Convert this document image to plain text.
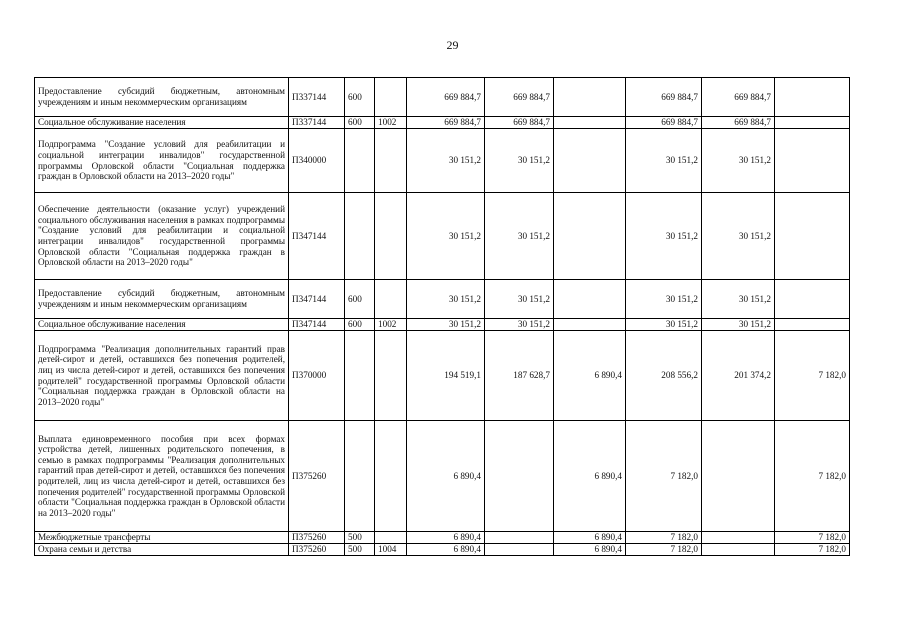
29
Предоставление субсидий бюджетным, автономным учреждениям и иным некоммерческим организациям	П337144	600		669 884,7	669 884,7		669 884,7	669 884,7	
Социальное обслуживание населения	П337144	600	1002	669 884,7	669 884,7		669 884,7	669 884,7	
Подпрограмма "Создание условий для реабилитации и социальной интеграции инвалидов" государственной программы Орловской области "Социальная поддержка граждан в Орловской области на 2013–2020 годы"	П340000			30 151,2	30 151,2		30 151,2	30 151,2	
Обеспечение деятельности (оказание услуг) учреждений социального обслуживания населения в рамках подпрограммы "Создание условий для реабилитации и социальной интеграции инвалидов" государственной программы Орловской области "Социальная поддержка граждан в Орловской области на 2013–2020 годы"	П347144			30 151,2	30 151,2		30 151,2	30 151,2	
Предоставление субсидий бюджетным, автономным учреждениям и иным некоммерческим организациям	П347144	600		30 151,2	30 151,2		30 151,2	30 151,2	
Социальное обслуживание населения	П347144	600	1002	30 151,2	30 151,2		30 151,2	30 151,2	
Подпрограмма "Реализация дополнительных гарантий прав детей-сирот и детей, оставшихся без попечения родителей, лиц из числа детей-сирот и детей, оставшихся без попечения родителей" государственной программы Орловской области "Социальная поддержка граждан в Орловской области на 2013–2020 годы"	П370000			194 519,1	187 628,7	6 890,4	208 556,2	201 374,2	7 182,0
Выплата единовременного пособия при всех формах устройства детей, лишенных родительского попечения, в семью в рамках подпрограммы "Реализация дополнительных гарантий прав детей-сирот и детей, оставшихся без попечения родителей, лиц из числа детей-сирот и детей, оставшихся без попечения родителей" государственной программы Орловской области "Социальная поддержка граждан в Орловской области на 2013–2020 годы"	П375260			6 890,4		6 890,4	7 182,0		7 182,0
Межбюджетные трансферты	П375260	500		6 890,4		6 890,4	7 182,0		7 182,0
Охрана семьи и детства	П375260	500	1004	6 890,4		6 890,4	7 182,0		7 182,0
